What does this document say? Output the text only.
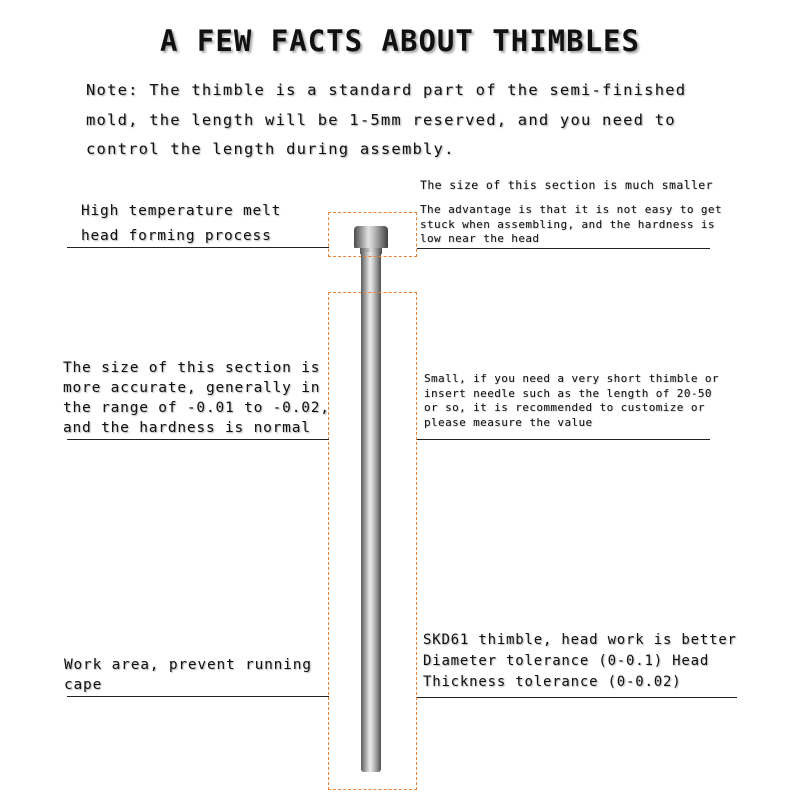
A FEW FACTS ABOUT THIMBLES
Note: The thimble is a standard part of the semi-finished
mold, the length will be 1-5mm reserved, and you need to
control the length during assembly.
High temperature melt
head forming process
The size of this section is
more accurate, generally in
the range of -0.01 to -0.02,
and the hardness is normal
Work area, prevent running
cape
The size of this section is much smaller
The advantage is that it is not easy to get
stuck when assembling, and the hardness is
low near the head
Small, if you need a very short thimble or
insert needle such as the length of 20-50
or so, it is recommended to customize or
please measure the value
SKD61 thimble, head work is better
Diameter tolerance (0-0.1) Head
Thickness tolerance (0-0.02)
